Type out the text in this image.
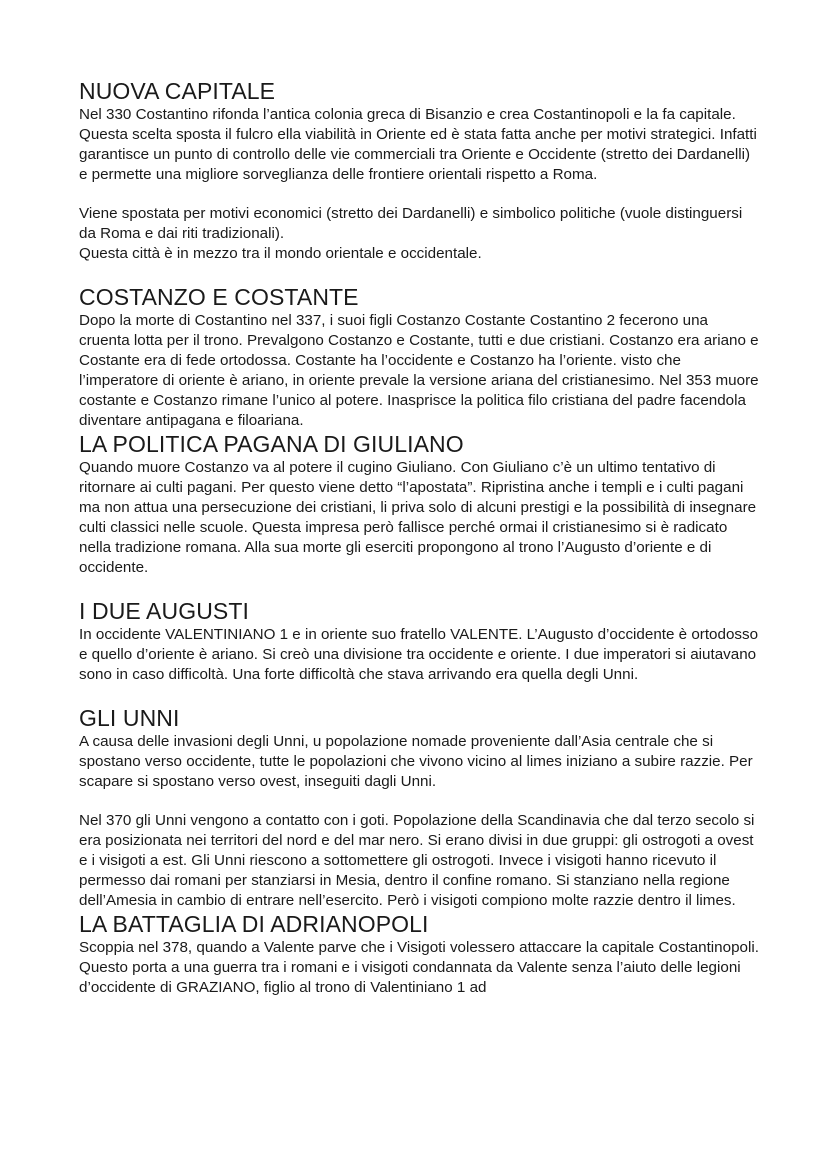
NUOVA CAPITALE

Nel 330 Costantino rifonda l’antica colonia greca di Bisanzio e crea Costantinopoli e la fa capitale. Questa scelta sposta il fulcro ella viabilità in Oriente ed è stata fatta anche per motivi strategici. Infatti garantisce un punto di controllo delle vie commerciali tra Oriente e Occidente (stretto dei Dardanelli) e permette una migliore sorveglianza delle frontiere orientali rispetto a Roma.

Viene spostata per motivi economici (stretto dei Dardanelli) e simbolico politiche (vuole distinguersi da Roma e dai riti tradizionali).

Questa città è in mezzo tra il mondo orientale e occidentale.

COSTANZO E COSTANTE

Dopo la morte di Costantino nel 337, i suoi figli Costanzo Costante Costantino 2 fecerono una cruenta lotta per il trono. Prevalgono Costanzo e Costante, tutti e due cristiani. Costanzo era ariano e Costante era di fede ortodossa. Costante ha l’occidente e Costanzo ha l’oriente. visto che l’imperatore di oriente è ariano, in oriente prevale la versione ariana del cristianesimo. Nel 353 muore costante e Costanzo rimane l’unico al potere. Inasprisce la politica filo cristiana del padre facendola diventare antipagana e filoariana.

LA POLITICA PAGANA DI GIULIANO

Quando muore Costanzo va al potere il cugino Giuliano. Con Giuliano c’è un ultimo tentativo di ritornare ai culti pagani. Per questo viene detto “l’apostata”. Ripristina anche i templi e i culti pagani ma non attua una persecuzione dei cristiani, li priva solo di alcuni prestigi e la possibilità di insegnare culti classici nelle scuole. Questa impresa però fallisce perché ormai il cristianesimo si è radicato nella tradizione romana. Alla sua morte gli eserciti propongono al trono l’Augusto d’oriente e di occidente.

I DUE AUGUSTI

In occidente VALENTINIANO 1 e in oriente suo fratello VALENTE. L’Augusto d’occidente è ortodosso e quello d’oriente è ariano. Si creò una divisione tra occidente e oriente. I due imperatori si aiutavano sono in caso difficoltà. Una forte difficoltà che stava arrivando era quella degli Unni.

GLI UNNI

A causa delle invasioni degli Unni, u popolazione nomade proveniente dall’Asia centrale che si spostano verso occidente, tutte le popolazioni che vivono vicino al limes iniziano a subire razzie. Per scapare si spostano verso ovest, inseguiti dagli Unni.

Nel 370 gli Unni vengono a contatto con i goti. Popolazione della Scandinavia che dal terzo secolo si era posizionata nei territori del nord e del mar nero. Si erano divisi in due gruppi: gli ostrogoti a ovest e i visigoti a est. Gli Unni riescono a sottomettere gli ostrogoti. Invece i visigoti hanno ricevuto il permesso dai romani per stanziarsi in Mesia, dentro il confine romano. Si stanziano nella regione dell’Amesia in cambio di entrare nell’esercito. Però i visigoti compiono molte razzie dentro il limes.

LA BATTAGLIA DI ADRIANOPOLI

Scoppia nel 378, quando a Valente parve che i Visigoti volessero attaccare la capitale Costantinopoli. Questo porta a una guerra tra i romani e i visigoti condannata da Valente senza l’aiuto delle legioni d’occidente di GRAZIANO, figlio al trono di Valentiniano 1 ad
